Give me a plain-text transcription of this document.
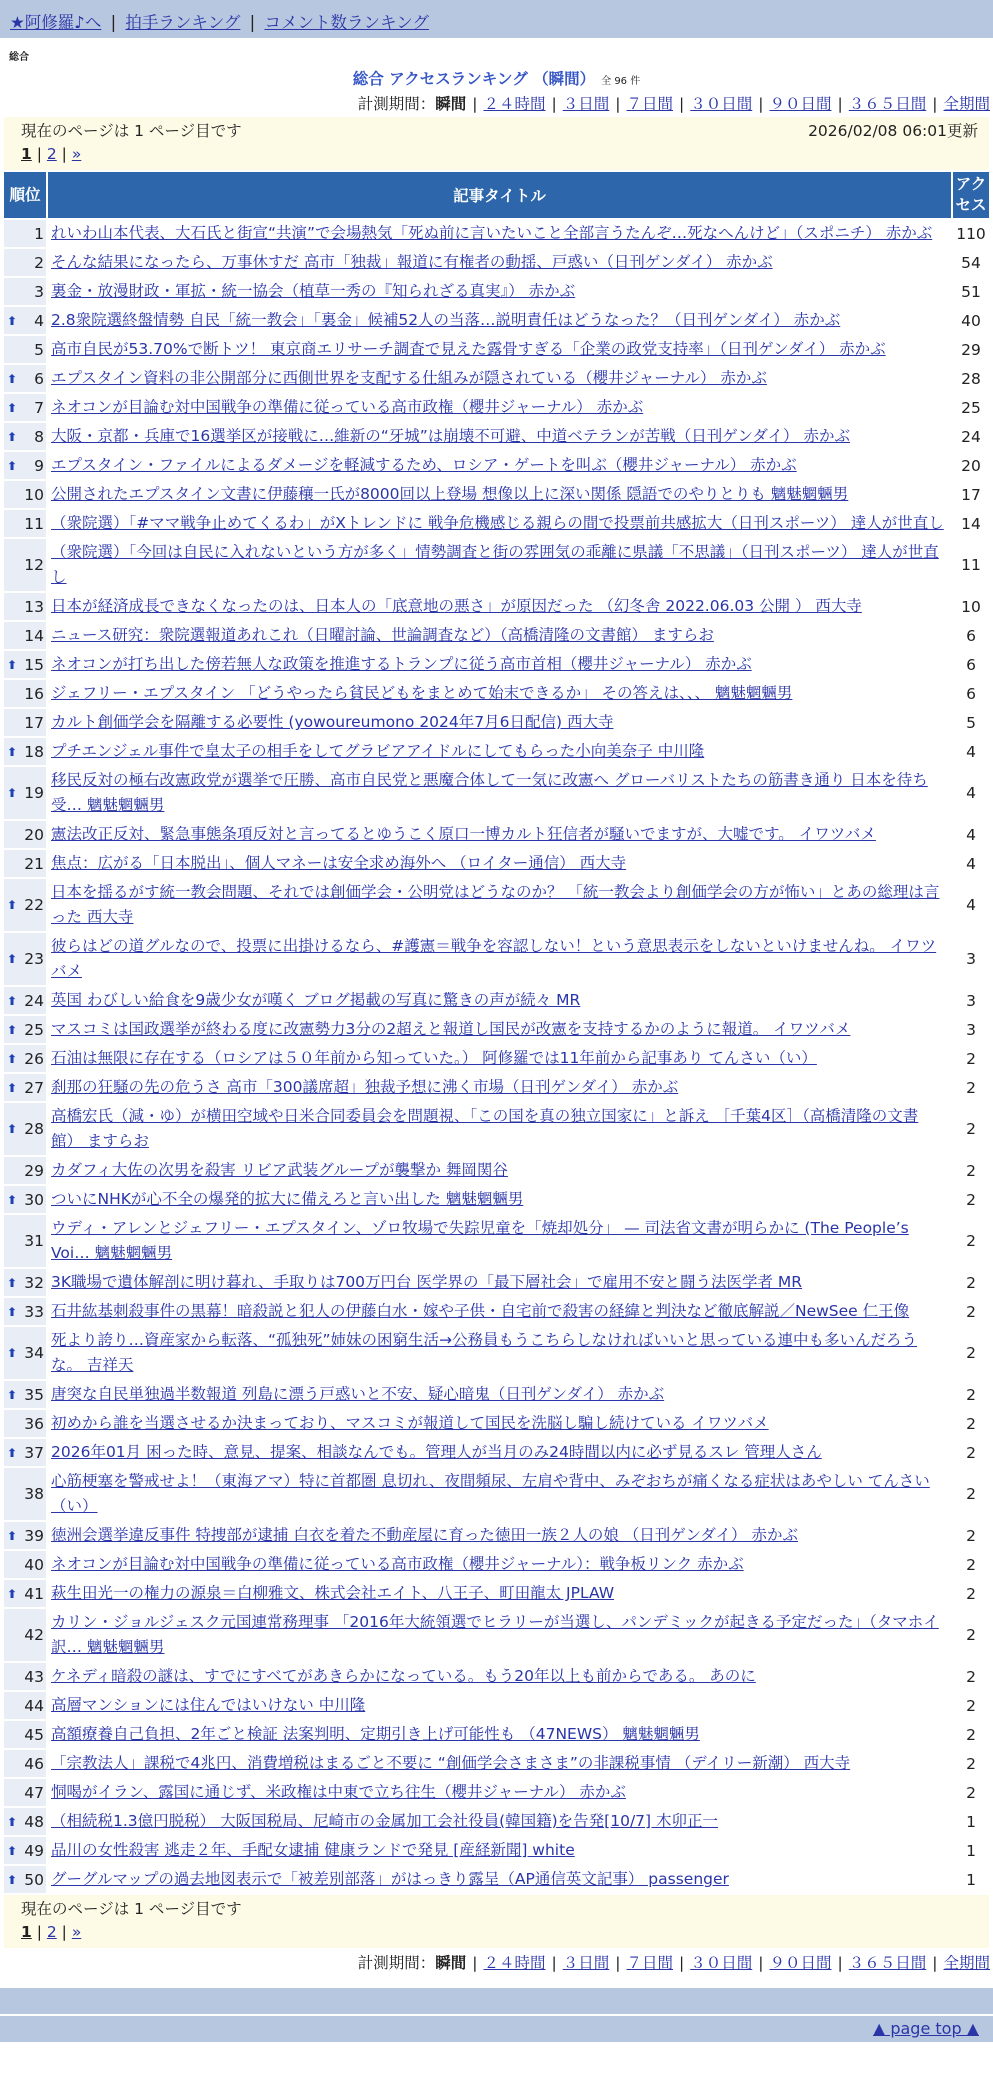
★阿修羅♪へ | 拍手ランキング | コメント数ランキング
総合
総合 アクセスランキング （瞬間） 全 96 件
計測期間：瞬間 | ２４時間 | ３日間 | ７日間 | ３０日間 | ９０日間 | ３６５日間 | 全期間
現在のページは 1 ページ目です 2026/02/08 06:01更新
1 | 2 | »		

順位	記事タイトル	アクセス
1	れいわ山本代表、大石氏と街宣“共演”で会場熱気「死ぬ前に言いたいこと全部言うたんぞ…死なへんけど」（スポニチ） 赤かぶ	110
2	そんな結果になったら、万事休すだ 高市「独裁」報道に有権者の動揺、戸惑い（日刊ゲンダイ） 赤かぶ	54
3	裏金・放漫財政・軍拡・統一協会（植草一秀の『知られざる真実』） 赤かぶ	51

⬆ 4	2.8衆院選終盤情勢 自民「統一教会」「裏金」候補52人の当落…説明責任はどうなった？（日刊ゲンダイ） 赤かぶ	40
5	高市自民が53.70%で断トツ！ 東京商エリサーチ調査で見えた露骨すぎる「企業の政党支持率」（日刊ゲンダイ） 赤かぶ	29

⬆ 6	エプスタイン資料の非公開部分に西側世界を支配する仕組みが隠されている（櫻井ジャーナル） 赤かぶ	28

⬆ 7	ネオコンが目論む対中国戦争の準備に従っている高市政権（櫻井ジャーナル） 赤かぶ	25

⬆ 8	大阪・京都・兵庫で16選挙区が接戦に…維新の“牙城”は崩壊不可避、中道ベテランが苦戦（日刊ゲンダイ） 赤かぶ	24

⬆ 9	エプスタイン・ファイルによるダメージを軽減するため、ロシア・ゲートを叫ぶ（櫻井ジャーナル） 赤かぶ	20
10	公開されたエプスタイン文書に伊藤穰一氏が8000回以上登場 想像以上に深い関係 隠語でのやりとりも 魑魅魍魎男	17
11	（衆院選）「#ママ戦争止めてくるわ」がXトレンドに 戦争危機感じる親らの間で投票前共感拡大（日刊スポーツ） 達人が世直し	14
12	（衆院選）「今回は自民に入れないという方が多く」情勢調査と街の雰囲気の乖離に県議「不思議」（日刊スポーツ） 達人が世直し	11
13	日本が経済成長できなくなったのは、日本人の「底意地の悪さ」が原因だった （幻冬舎 2022.06.03 公開 ） 西大寺	10
14	ニュース研究：衆院選報道あれこれ（日曜討論、世論調査など）（高橋清隆の文書館） ますらお	6

⬆ 15	ネオコンが打ち出した傍若無人な政策を推進するトランプに従う高市首相（櫻井ジャーナル） 赤かぶ	6
16	ジェフリー・エプスタイン 「どうやったら貧民どもをまとめて始末できるか」 その答えは、、、 魑魅魍魎男	6
17	カルト創価学会を隔離する必要性 (yowoureumono 2024年7月6日配信) 西大寺	5

⬆ 18	プチエンジェル事件で皇太子の相手をしてグラビアアイドルにしてもらった小向美奈子 中川隆	4

⬆ 19	移民反対の極右改憲政党が選挙で圧勝、高市自民党と悪魔合体して一気に改憲へ グローバリストたちの筋書き通り 日本を待ち受… 魑魅魍魎男	4
20	憲法改正反対、緊急事態条項反対と言ってるとゆうこく原口一博カルト狂信者が騒いでますが、大嘘です。 イワツバメ	4
21	焦点：広がる「日本脱出」、個人マネーは安全求め海外へ （ロイター通信） 西大寺	4

⬆ 22	日本を揺るがす統一教会問題、それでは創価学会・公明党はどうなのか？ 「統一教会より創価学会の方が怖い」とあの総理は言った 西大寺	4

⬆ 23	彼らはどの道グルなので、投票に出掛けるなら、#護憲＝戦争を容認しない！という意思表示をしないといけませんね。 イワツバメ	3

⬆ 24	英国 わびしい給食を9歳少女が嘆く ブログ掲載の写真に驚きの声が続々 MR	3

⬆ 25	マスコミは国政選挙が終わる度に改憲勢力3分の2超えと報道し国民が改憲を支持するかのように報道。 イワツバメ	3

⬆ 26	石油は無限に存在する（ロシアは５０年前から知っていた。） 阿修羅では11年前から記事あり てんさい（い）	2

⬆ 27	刹那の狂騒の先の危うさ 高市「300議席超」独裁予想に沸く市場（日刊ゲンダイ） 赤かぶ	2

⬆ 28	高橋宏氏（減・ゆ）が横田空域や日米合同委員会を問題視、「この国を真の独立国家に」と訴え ［千葉4区］（高橋清隆の文書館） ますらお	2
29	カダフィ大佐の次男を殺害 リビア武装グループが襲撃か 舞岡関谷	2

⬆ 30	ついにNHKが心不全の爆発的拡大に備えろと言い出した 魑魅魍魎男	2
31	ウディ・アレンとジェフリー・エプスタイン、ゾロ牧場で失踪児童を「焼却処分」 — 司法省文書が明らかに (The People’s Voi… 魑魅魍魎男	2

⬆ 32	3K職場で遺体解剖に明け暮れ、手取りは700万円台 医学界の「最下層社会」で雇用不安と闘う法医学者 MR	2

⬆ 33	石井紘基刺殺事件の黒幕！暗殺説と犯人の伊藤白水・嫁や子供・自宅前で殺害の経緯と判決など徹底解説／NewSee 仁王像	2

⬆ 34	死より誇り…資産家から転落、“孤独死”姉妹の困窮生活→公務員もうこちらしなければいいと思っている連中も多いんだろうな。 吉祥天	2

⬆ 35	唐突な自民単独過半数報道 列島に漂う戸惑いと不安、疑心暗鬼（日刊ゲンダイ） 赤かぶ	2
36	初めから誰を当選させるか決まっており、マスコミが報道して国民を洗脳し騙し続けている イワツバメ	2

⬆ 37	2026年01月 困った時、意見、提案、相談なんでも。管理人が当月のみ24時間以内に必ず見るスレ 管理人さん	2
38	心筋梗塞を警戒せよ！（東海アマ）特に首都圏 息切れ、夜間頻尿、左肩や背中、みぞおちが痛くなる症状はあやしい てんさい（い）	2

⬆ 39	徳洲会選挙違反事件 特捜部が逮捕 白衣を着た不動産屋に育った徳田一族２人の娘 （日刊ゲンダイ） 赤かぶ	2
40	ネオコンが目論む対中国戦争の準備に従っている高市政権（櫻井ジャーナル）：戦争板リンク 赤かぶ	2

⬆ 41	萩生田光一の権力の源泉＝白柳雅文、株式会社エイト、八王子、町田龍太 JPLAW	2
42	カリン・ジョルジェスク元国連常務理事 「2016年大統領選でヒラリーが当選し、パンデミックが起きる予定だった」（タマホイ訳… 魑魅魍魎男	2
43	ケネディ暗殺の謎は、すでにすべてがあきらかになっている。もう20年以上も前からである。 あのに	2
44	高層マンションには住んではいけない 中川隆	2
45	高額療養自己負担、2年ごと検証 法案判明、定期引き上げ可能性も （47NEWS） 魑魅魍魎男	2
46	「宗教法人」課税で4兆円、消費増税はまるごと不要に “創価学会さまさま”の非課税事情 （デイリー新潮） 西大寺	2
47	恫喝がイラン、露国に通じず、米政権は中東で立ち往生（櫻井ジャーナル） 赤かぶ	2

⬆ 48	（相続税1.3億円脱税） 大阪国税局、尼崎市の金属加工会社役員(韓国籍)を告発[10/7] 木卯正一	1

⬆ 49	品川の女性殺害 逃走２年、手配女逮捕 健康ランドで発見 [産経新聞] white	1

⬆ 50	グーグルマップの過去地図表示で「被差別部落」がはっきり露呈（AP通信英文記事） passenger	1

現在のページは 1 ページ目です
1 | 2 | »		
計測期間：瞬間 | ２４時間 | ３日間 | ７日間 | ３０日間 | ９０日間 | ３６５日間 | 全期間
▲ page top ▲
